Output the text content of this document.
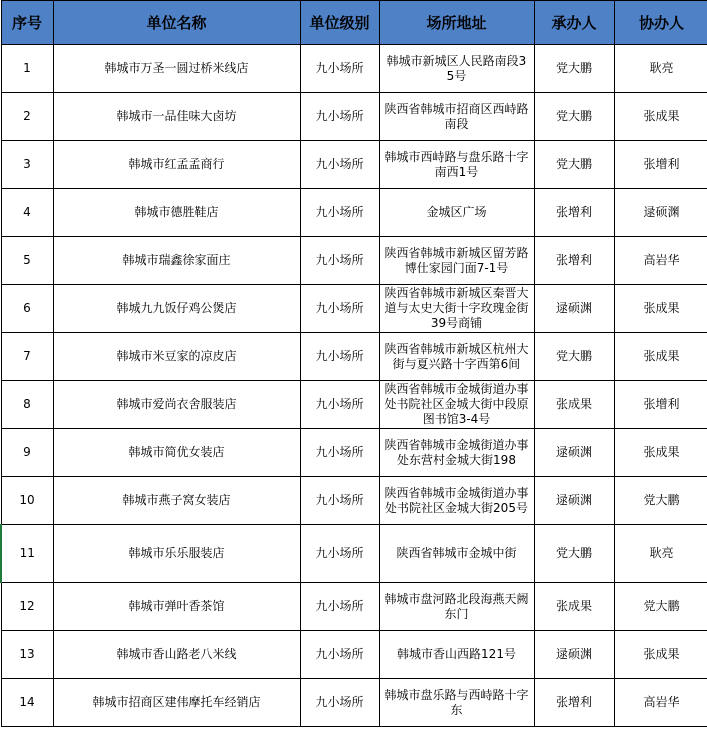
序号	单位名称	单位级别	场所地址	承办人	协办人
1	韩城市万圣一圆过桥米线店	九小场所	韩城市新城区人民路南段35号	党大鹏	耿亮
2	韩城市一品佳味大卤坊	九小场所	陕西省韩城市招商区西峙路南段	党大鹏	张成果
3	韩城市红孟孟商行	九小场所	韩城市西峙路与盘乐路十字南西1号	党大鹏	张增利
4	韩城市德胜鞋店	九小场所	金城区广场	张增利	逯硕渊
5	韩城市瑞鑫徐家面庄	九小场所	陕西省韩城市新城区留芳路博仕家园门面7-1号	张增利	高岩华
6	韩城九九饭仔鸡公煲店	九小场所	陕西省韩城市新城区秦晋大道与太史大街十字玫瑰金街39号商铺	逯硕渊	张成果
7	韩城市米豆家的凉皮店	九小场所	陕西省韩城市新城区杭州大街与夏兴路十字西第6间	党大鹏	张成果
8	韩城市爱尚衣舍服装店	九小场所	陕西省韩城市金城街道办事处书院社区金城大街中段原图书馆3-4号	张成果	张增利
9	韩城市简优女装店	九小场所	陕西省韩城市金城街道办事处东营村金城大街198	逯硕渊	张成果
10	韩城市燕子窝女装店	九小场所	陕西省韩城市金城街道办事处书院社区金城大街205号	逯硕渊	党大鹏
11	韩城市乐乐服装店	九小场所	陕西省韩城市金城中街	党大鹏	耿亮
12	韩城市弹叶香茶馆	九小场所	韩城市盘河路北段海燕天阙东门	张成果	党大鹏
13	韩城市香山路老八米线	九小场所	韩城市香山西路121号	逯硕渊	张成果
14	韩城市招商区建伟摩托车经销店	九小场所	韩城市盘乐路与西峙路十字东	张增利	高岩华
